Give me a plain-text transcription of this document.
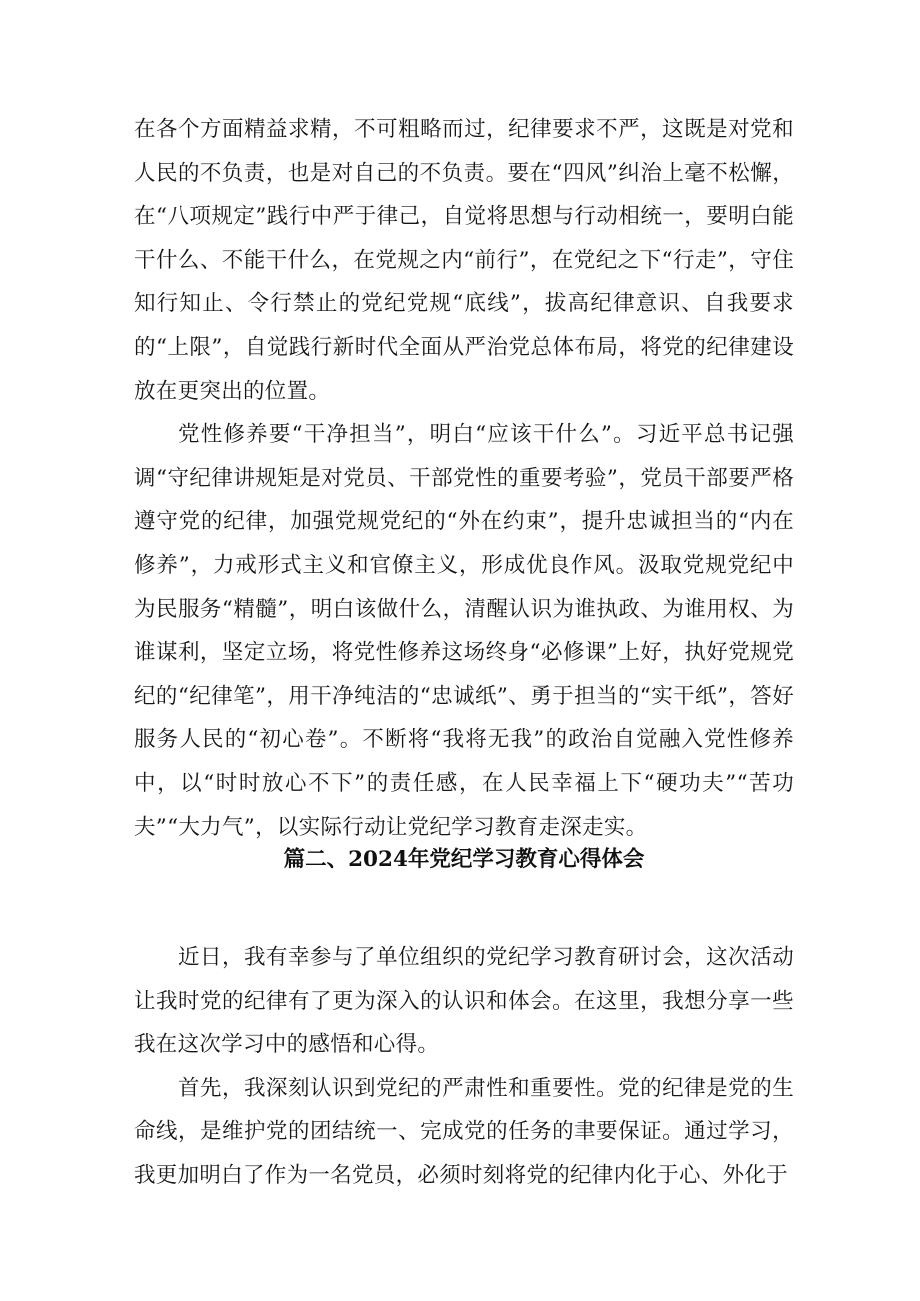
在各个方面精益求精，不可粗略而过，纪律要求不严，这既是对党和人民的不负责，也是对自己的不负责。要在“四风”纠治上毫不松懈，在“八项规定”践行中严于律己，自觉将思想与行动相统一，要明白能干什么、不能干什么，在党规之内“前行”，在党纪之下“行走”，守住知行知止、令行禁止的党纪党规“底线”，拔高纪律意识、自我要求的“上限”，自觉践行新时代全面从严治党总体布局，将党的纪律建设放在更突出的位置。

党性修养要“干净担当”，明白“应该干什么”。习近平总书记强调“守纪律讲规矩是对党员、干部党性的重要考验”，党员干部要严格遵守党的纪律，加强党规党纪的“外在约束”，提升忠诚担当的“内在修养”，力戒形式主义和官僚主义，形成优良作风。汲取党规党纪中为民服务“精髓”，明白该做什么，清醒认识为谁执政、为谁用权、为谁谋利，坚定立场，将党性修养这场终身“必修课”上好，执好党规党纪的“纪律笔”，用干净纯洁的“忠诚纸”、勇于担当的“实干纸”，答好服务人民的“初心卷”。不断将“我将无我”的政治自觉融入党性修养中，以“时时放心不下”的责任感，在人民幸福上下“硬功夫”“苦功夫”“大力气”，以实际行动让党纪学习教育走深走实。

篇二、2024年党纪学习教育心得体会

近日，我有幸参与了单位组织的党纪学习教育研讨会，这次活动让我时党的纪律有了更为深入的认识和体会。在这里，我想分享一些我在这次学习中的感悟和心得。

首先，我深刻认识到党纪的严肃性和重要性。党的纪律是党的生命线，是维护党的团结统一、完成党的任务的聿要保证。通过学习，我更加明白了作为一名党员，必须时刻将党的纪律内化于心、外化于
